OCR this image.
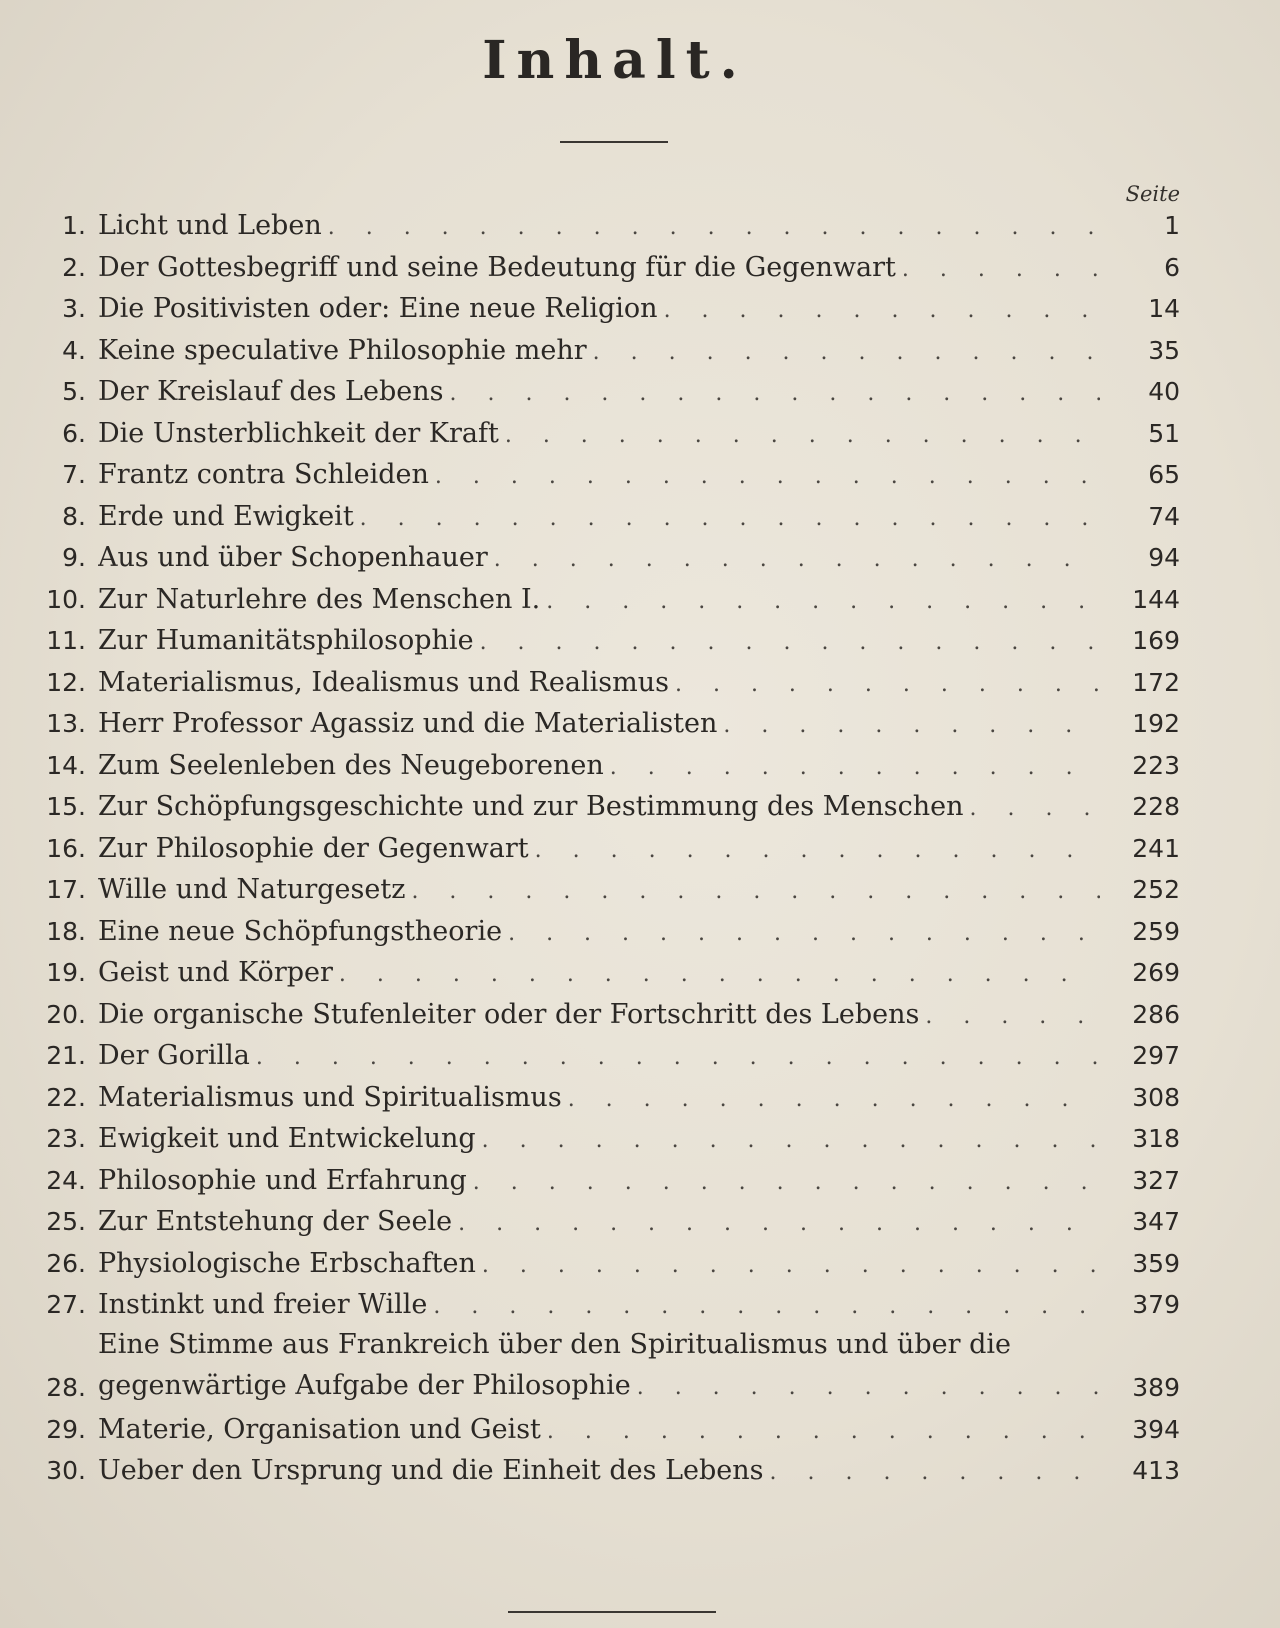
Inhalt.
Seite
1. Licht und Leben . . .	1
2. Der Gottesbegriff und seine Bedeutung für die Gegenwart . . .	6
3. Die Positivisten oder: Eine neue Religion . . .	14
4. Keine speculative Philosophie mehr . . .	35
5. Der Kreislauf des Lebens . . .	40
6. Die Unsterblichkeit der Kraft . . .	51
7. Frantz contra Schleiden . . .	65
8. Erde und Ewigkeit . . .	74
9. Aus und über Schopenhauer . . .	94
10. Zur Naturlehre des Menschen I. . . .	144
11. Zur Humanitätsphilosophie . . .	169
12. Materialismus, Idealismus und Realismus . . .	172
13. Herr Professor Agassiz und die Materialisten . . .	192
14. Zum Seelenleben des Neugeborenen . . .	223
15. Zur Schöpfungsgeschichte und zur Bestimmung des Menschen . . .	228
16. Zur Philosophie der Gegenwart . . .	241
17. Wille und Naturgesetz . . .	252
18. Eine neue Schöpfungstheorie . . .	259
19. Geist und Körper . . .	269
20. Die organische Stufenleiter oder der Fortschritt des Lebens . . .	286
21. Der Gorilla . . .	297
22. Materialismus und Spiritualismus . . .	308
23. Ewigkeit und Entwickelung . . .	318
24. Philosophie und Erfahrung . . .	327
25. Zur Entstehung der Seele . . .	347
26. Physiologische Erbschaften . . .	359
27. Instinkt und freier Wille . . .	379
28.
Eine Stimme aus Frankreich über den Spiritualismus und über die
gegenwärtige Aufgabe der Philosophie . . .	389
29. Materie, Organisation und Geist . . .	394
30. Ueber den Ursprung und die Einheit des Lebens . . .	413
